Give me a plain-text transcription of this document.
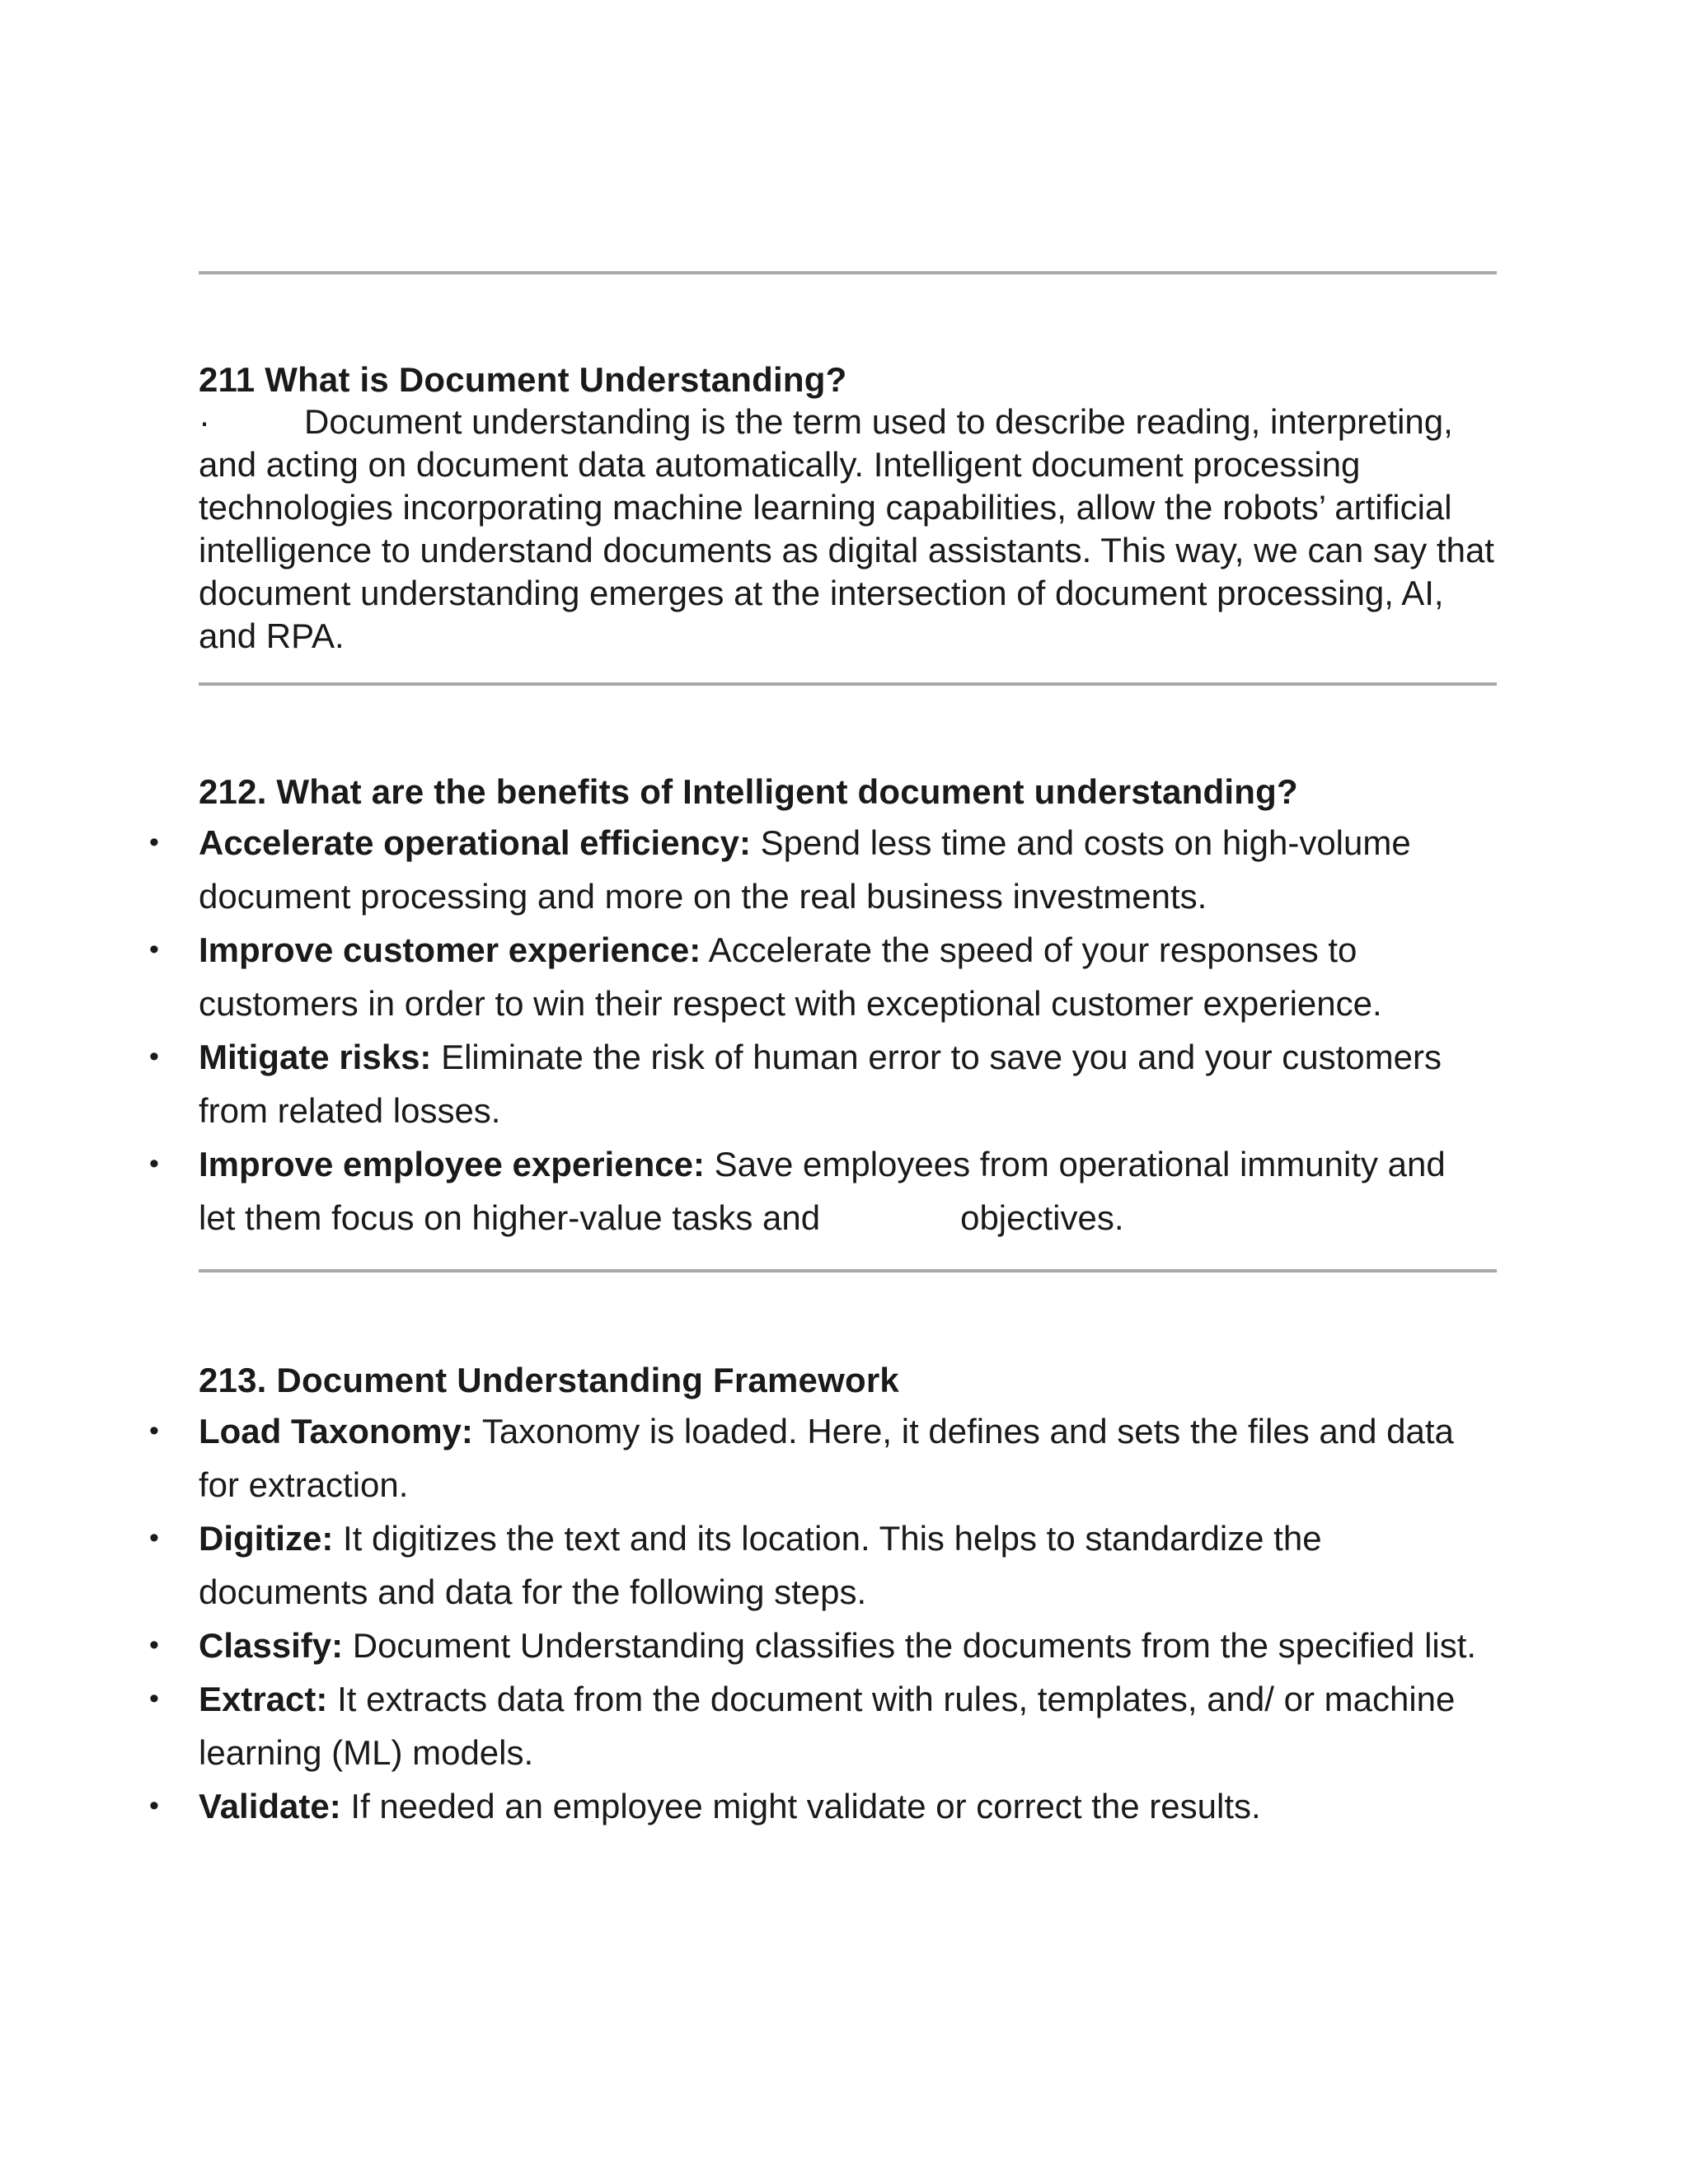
211 What is Document Understanding?

·	Document understanding is the term used to describe reading, interpreting, and acting on document data automatically. Intelligent document processing technologies incorporating machine learning capabilities, allow the robots’ artificial intelligence to understand documents as digital assistants. This way, we can say that document understanding emerges at the intersection of document processing, AI, and RPA.

212. What are the benefits of Intelligent document understanding?
• Accelerate operational efficiency: Spend less time and costs on high-volume document processing and more on the real business investments.
• Improve customer experience: Accelerate the speed of your responses to customers in order to win their respect with exceptional customer experience.
• Mitigate risks: Eliminate the risk of human error to save you and your customers from related losses.
• Improve employee experience: Save employees from operational immunity and let them focus on higher-value tasks and	objectives.
213. Document Understanding Framework
• Load Taxonomy: Taxonomy is loaded. Here, it defines and sets the files and data for extraction.
• Digitize: It digitizes the text and its location. This helps to standardize the documents and data for the following steps.
• Classify: Document Understanding classifies the documents from the specified list.
• Extract: It extracts data from the document with rules, templates, and/ or machine learning (ML) models.
• Validate: If needed an employee might validate or correct the results.
